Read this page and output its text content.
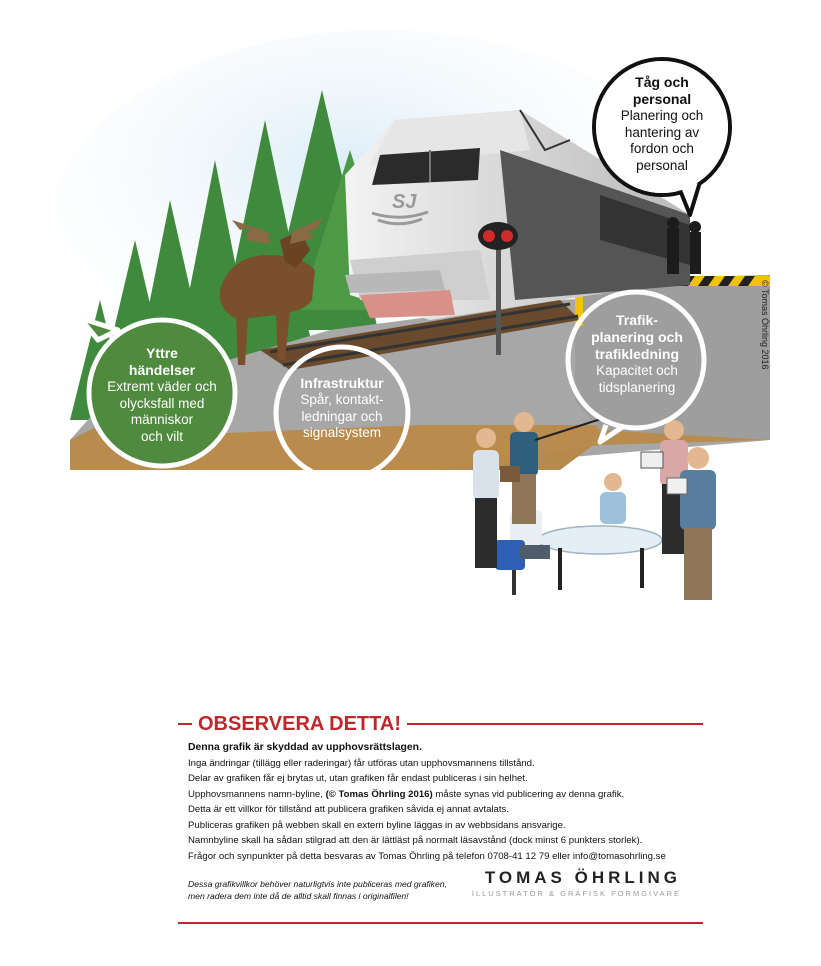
SJ
Yttre
händelser
Extremt väder och
olycksfall med
människor
och vilt
Infrastruktur
Spår, kontakt-
ledningar och
signalsystem
Trafik-
planering och
trafikledning
Kapacitet och
tidsplanering
Tåg och
personal
Planering och
hantering av
fordon och
personal
© Tomas Öhrling 2016
OBSERVERA DETTA!
Denna grafik är skyddad av upphovsrättslagen.
Inga ändringar (tillägg eller raderingar) får utföras utan upphovsmannens tillstånd.
Delar av grafiken får ej brytas ut, utan grafiken får endast publiceras i sin helhet.
Upphovsmannens namn-byline, (© Tomas Öhrling 2016) måste synas vid publicering av denna grafik.
Detta är ett villkor för tillstånd att publicera grafiken såvida ej annat avtalats.
Publiceras grafiken på webben skall en extern byline läggas in av webbsidans ansvarige.
Namnbyline skall ha sådan stilgrad att den är lättläst på normalt läsavstånd (dock minst 6 punkters storlek).
Frågor och synpunkter på detta besvaras av Tomas Öhrling på telefon 0708-41 12 79 eller info@tomasohrling.se
Dessa grafikvillkor behöver naturligtvis inte publiceras med grafiken,
men radera dem inte då de alltid skall finnas i originalfilen!
TOMAS ÖHRLING
ILLUSTRATÖR & GRAFISK FORMGIVARE
